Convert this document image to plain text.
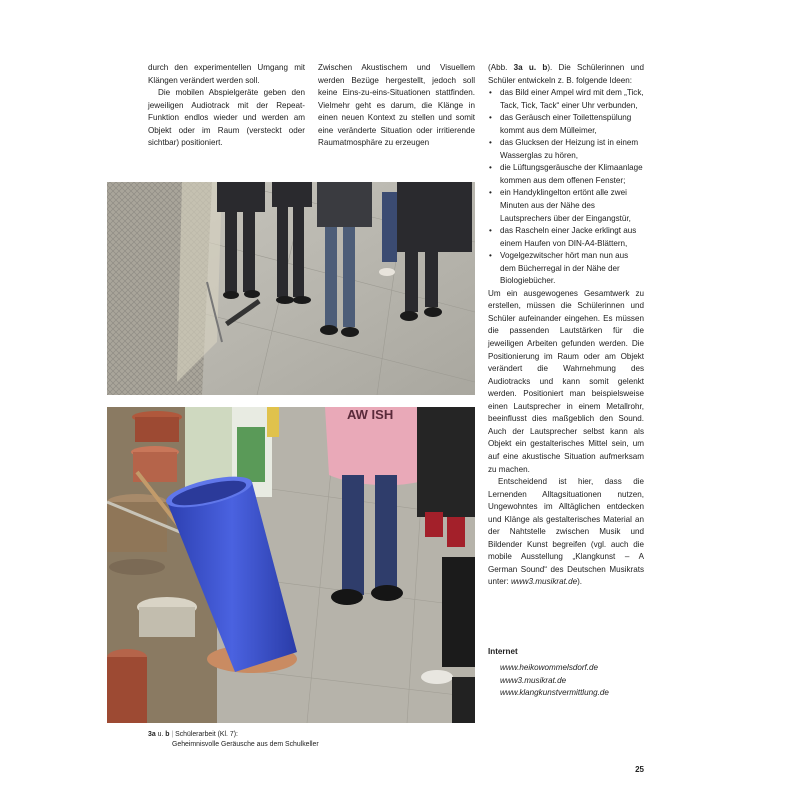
durch den experimentellen Umgang mit Klängen verändert werden soll.

Die mobilen Abspielgeräte geben den jeweiligen Audiotrack mit der Repeat-Funktion endlos wieder und werden am Objekt oder im Raum (versteckt oder sichtbar) positioniert.

Zwischen Akustischem und Visuellem werden Bezüge hergestellt, jedoch soll keine Eins-zu-eins-Situationen stattfinden. Vielmehr geht es darum, die Klänge in einen neuen Kontext zu stellen und somit eine veränderte Situation oder irritierende Raumatmosphäre zu erzeugen

(Abb. 3a u. b). Die Schülerinnen und Schüler entwickeln z. B. folgende Ideen:

• das Bild einer Ampel wird mit dem „Tick, Tack, Tick, Tack“ einer Uhr verbunden,
• das Geräusch einer Toilettenspülung kommt aus dem Mülleimer,
• das Glucksen der Heizung ist in einem Wasserglas zu hören,
• die Lüftungsgeräusche der Klimaanlage kommen aus dem offenen Fenster;
• ein Handyklingelton ertönt alle zwei Minuten aus der Nähe des Lautsprechers über der Eingangstür,
• das Rascheln einer Jacke erklingt aus einem Haufen von DIN-A4-Blättern,
• Vogelgezwitscher hört man nun aus dem Bücherregal in der Nähe der Biologiebücher.

Um ein ausgewogenes Gesamtwerk zu erstellen, müssen die Schülerinnen und Schüler aufeinander eingehen. Es müssen die passenden Lautstärken für die jeweiligen Arbeiten gefunden werden. Die Positionierung im Raum oder am Objekt verändert die Wahrnehmung des Audiotracks und kann somit gelenkt werden. Positioniert man beispielsweise einen Lautsprecher in einem Metallrohr, beeinflusst dies maßgeblich den Sound. Auch der Lautsprecher selbst kann als Objekt ein gestalterisches Mittel sein, um auf eine akustische Situation aufmerksam zu machen.

Entscheidend ist hier, dass die Lernenden Alltagsituationen nutzen, Ungewohntes im Alltäglichen entdecken und Klänge als gestalterisches Material an der Nahtstelle zwischen Musik und Bildender Kunst begreifen (vgl. auch die mobile Ausstellung „Klangkunst – A German Sound“ des Deutschen Musikrats unter: www3.musikrat.de).

Internet
www.heikowommelsdorf.de
www3.musikrat.de
www.klangkunstvermittlung.de
AW ISH
3a u. b | Schülerarbeit (Kl. 7):
Geheimnisvolle Geräusche aus dem Schulkeller
25
